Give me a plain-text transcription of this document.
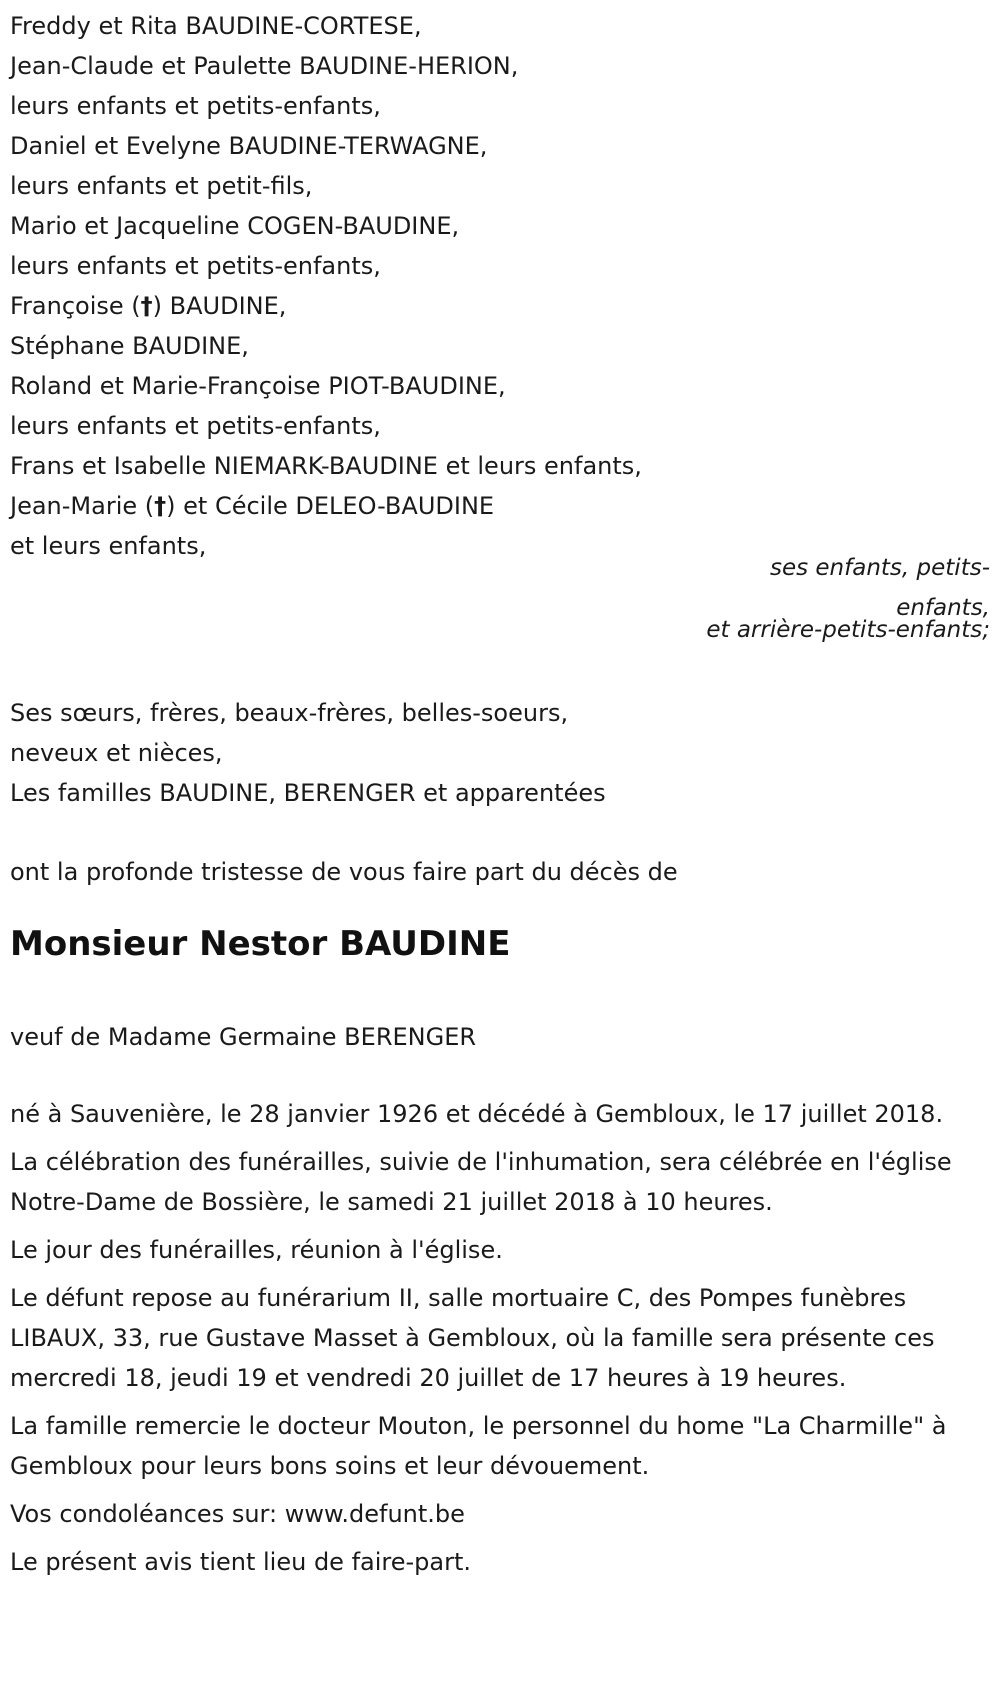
Freddy et Rita BAUDINE-CORTESE,
Jean-Claude et Paulette BAUDINE-HERION,
leurs enfants et petits-enfants,
Daniel et Evelyne BAUDINE-TERWAGNE,
leurs enfants et petit-fils,
Mario et Jacqueline COGEN-BAUDINE,
leurs enfants et petits-enfants,
Françoise (†) BAUDINE,
Stéphane BAUDINE,
Roland et Marie-Françoise PIOT-BAUDINE,
leurs enfants et petits-enfants,
Frans et Isabelle NIEMARK-BAUDINE et leurs enfants,
Jean-Marie (†) et Cécile DELEO-BAUDINE
et leurs enfants,
ses enfants, petits-enfants,
et arrière-petits-enfants;
Ses sœurs, frères, beaux-frères, belles-soeurs,
neveux et nièces,
Les familles BAUDINE, BERENGER et apparentées
ont la profonde tristesse de vous faire part du décès de
Monsieur Nestor BAUDINE
veuf de Madame Germaine BERENGER

né à Sauvenière, le 28 janvier 1926 et décédé à Gembloux, le 17 juillet 2018.

La célébration des funérailles, suivie de l'inhumation, sera célébrée en l'église Notre-Dame de Bossière, le samedi 21 juillet 2018 à 10 heures.

Le jour des funérailles, réunion à l'église.

Le défunt repose au funérarium II, salle mortuaire C, des Pompes funèbres LIBAUX, 33, rue Gustave Masset à Gembloux, où la famille sera présente ces mercredi 18, jeudi 19 et vendredi 20 juillet de 17 heures à 19 heures.

La famille remercie le docteur Mouton, le personnel du home "La Charmille" à Gembloux pour leurs bons soins et leur dévouement.

Vos condoléances sur: www.defunt.be

Le présent avis tient lieu de faire-part.
